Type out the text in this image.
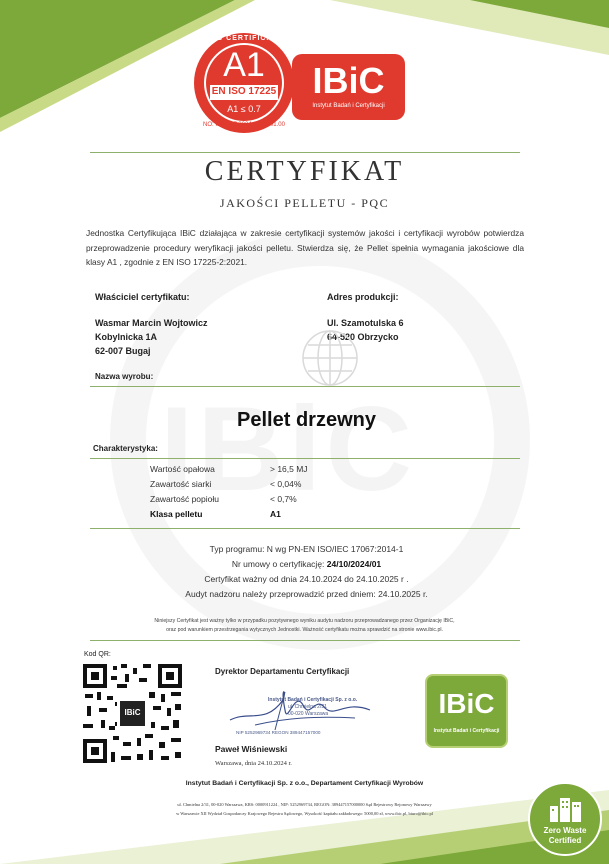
PQC CERTIFICATE
A1
EN ISO 17225
A1 ≤ 0.7
NO: IBIC-CP.2024.10.24.01.00
IBiC
Instytut Badań i Certyfikacji
CERTYFIKAT
JAKOŚCI PELLETU - PQC
Jednostka Certyfikująca IBiC działająca w zakresie certyfikacji systemów jakości i certyfikacji wyrobów potwierdza przeprowadzenie procedury weryfikacji jakości pelletu. Stwierdza się, że Pellet spełnia wymagania jakościowe dla klasy A1 , zgodnie z EN ISO 17225-2:2021.
Właściciel certyfikatu:
Wasmar Marcin Wojtowicz
Kobylnicka 1A
62-007 Bugaj
Adres produkcji:
Ul. Szamotulska 6
64-520 Obrzycko
Nazwa wyrobu:
Pellet drzewny
Charakterystyka:
Wartość opałowa	> 16,5 MJ
Zawartość siarki	< 0,04%
Zawartość popiołu	< 0,7%
Klasa pelletu	A1
Typ programu: N wg PN-EN ISO/IEC 17067:2014-1
Nr umowy o certyfikację: 24/10/2024/01
Certyfikat ważny od dnia 24.10.2024 do 24.10.2025 r .
Audyt nadzoru należy przeprowadzić przed dniem: 24.10.2025 r.
Niniejszy Certyfikat jest ważny tylko w przypadku pozytywnego wyniku audytu nadzoru przeprowadzanego przez Organizację IBiC,
oraz pod warunkiem przestrzegania wytycznych Jednostki. Ważność certyfikatu można sprawdzić na stronie www.ibic.pl.
Kod QR:
IBiC
Dyrektor Departamentu Certyfikacji
Instytut Badań i Certyfikacji Sp. z o.o.
ul. Chmielna 2/31
00-020 Warszawa
NIP 5252969734 REGON 389447157000
Paweł Wiśniewski
Warszawa, dnia 24.10.2024 r.
IBiC
Instytut Badań i Certyfikacji
Instytut Badań i Certyfikacji Sp. z o.o., Departament Certyfikacji Wyrobów
ul. Chmielna 2/31, 00-020 Warszawa, KRS: 0000911224 , NIP: 5252969734, REGON: 389447157000000 Sąd Rejestrowy Rejonowy Warszawy
w Warszawie XII Wydział Gospodarczy Krajowego Rejestru Sądowego, Wysokość kapitału zakładowego: 5000,00 zł, www.ibic.pl, biuro@ibic.pl
Zero Waste
Certified
